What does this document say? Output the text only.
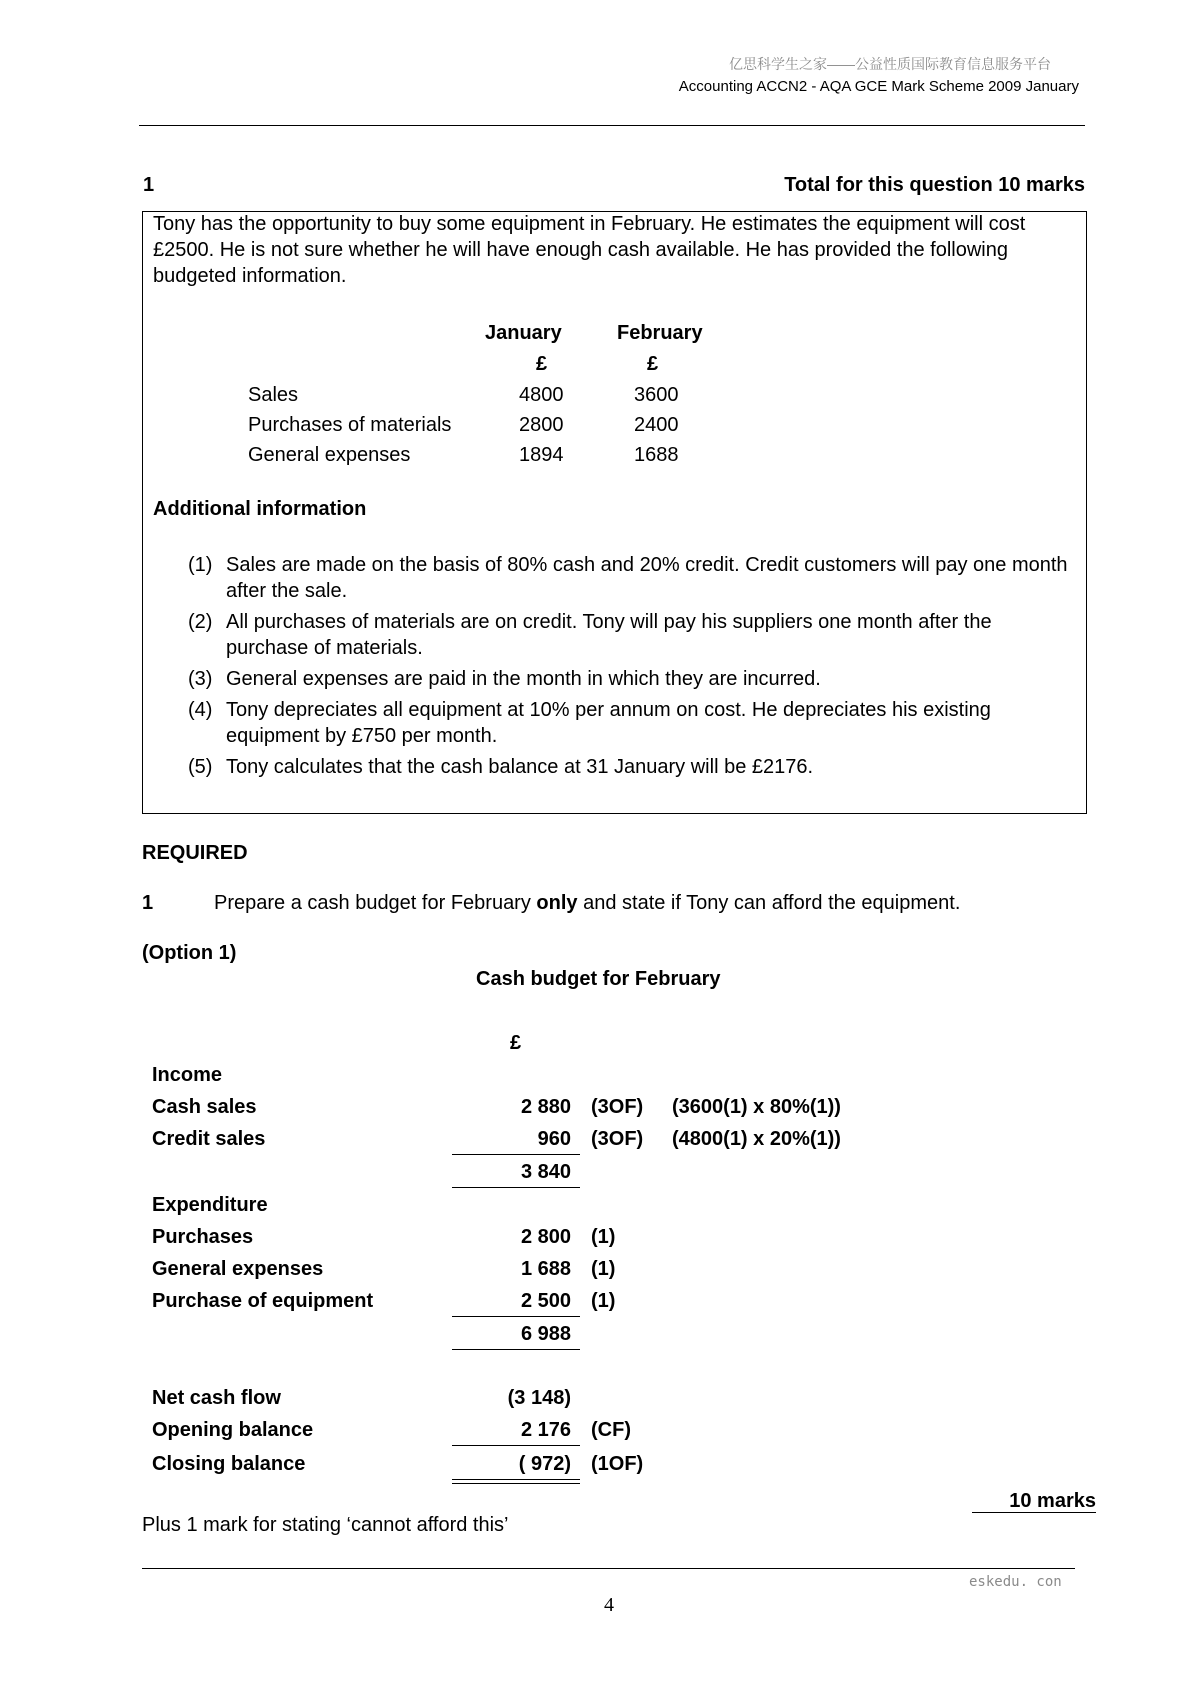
亿思科学生之家——公益性质国际教育信息服务平台
Accounting ACCN2 - AQA GCE Mark Scheme 2009 January
1	Total for this question 10 marks
Tony has the opportunity to buy some equipment in February. He estimates the equipment will cost £2500. He is not sure whether he will have enough cash available. He has provided the following budgeted information.
January	February
£	£
Sales	4800	3600
Purchases of materials	2800	2400
General expenses	1894	1688
Additional information
(1) Sales are made on the basis of 80% cash and 20% credit. Credit customers will pay one month after the sale.
(2) All purchases of materials are on credit. Tony will pay his suppliers one month after the purchase of materials.
(3) General expenses are paid in the month in which they are incurred.
(4) Tony depreciates all equipment at 10% per annum on cost. He depreciates his existing equipment by £750 per month.
(5) Tony calculates that the cash balance at 31 January will be £2176.
REQUIRED
1	Prepare a cash budget for February only and state if Tony can afford the equipment.
(Option 1)
Cash budget for February
£
Income
Cash sales	2 880 (3OF) (3600(1) x 80%(1))
Credit sales	960 (3OF) (4800(1) x 20%(1))
3 840
Expenditure
Purchases	2 800 (1)
General expenses	1 688 (1)
Purchase of equipment	2 500 (1)
6 988
Net cash flow	(3 148)
Opening balance	2 176 (CF)
Closing balance	( 972) (1OF)
10 marks
Plus 1 mark for stating ‘cannot afford this’
eskedu. con
4
